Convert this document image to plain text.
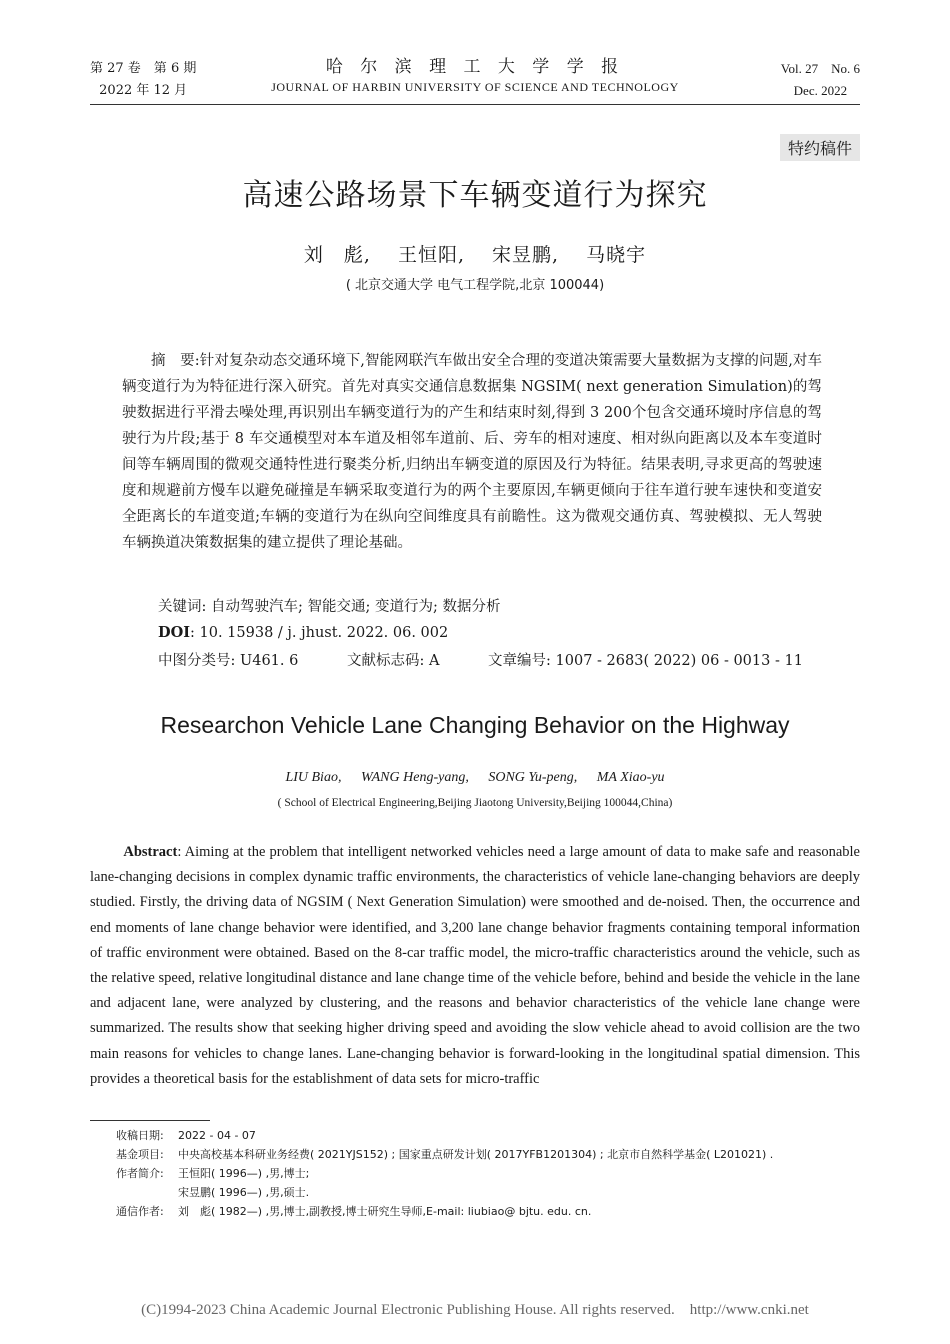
第 27 卷　第 6 期
2022 年 12 月
哈 尔 滨 理 工 大 学 学 报
JOURNAL OF HARBIN UNIVERSITY OF SCIENCE AND TECHNOLOGY
Vol. 27　No. 6
Dec. 2022
特约稿件
高速公路场景下车辆变道行为探究
刘　彪, 王恒阳, 宋昱鹏, 马晓宇
( 北京交通大学 电气工程学院,北京 100044)

摘　要:针对复杂动态交通环境下,智能网联汽车做出安全合理的变道决策需要大量数据为支撑的问题,对车辆变道行为为特征进行深入研究。首先对真实交通信息数据集 NGSIM( next generation Simulation)的驾驶数据进行平滑去噪处理,再识别出车辆变道行为的产生和结束时刻,得到 3 200个包含交通环境时序信息的驾驶行为片段;基于 8 车交通模型对本车道及相邻车道前、后、旁车的相对速度、相对纵向距离以及本车变道时间等车辆周围的微观交通特性进行聚类分析,归纳出车辆变道的原因及行为特征。结果表明,寻求更高的驾驶速度和规避前方慢车以避免碰撞是车辆采取变道行为的两个主要原因,车辆更倾向于往车道行驶车速快和变道安全距离长的车道变道;车辆的变道行为在纵向空间维度具有前瞻性。这为微观交通仿真、驾驶模拟、无人驾驶车辆换道决策数据集的建立提供了理论基础。

关键词: 自动驾驶汽车; 智能交通; 变道行为; 数据分析
DOI: 10. 15938 / j. jhust. 2022. 06. 002
中图分类号: U461. 6	文献标志码: A	文章编号: 1007 - 2683( 2022) 06 - 0013 - 11
Researchon Vehicle Lane Changing Behavior on the Highway
LIU Biao, WANG Heng-yang, SONG Yu-peng, MA Xiao-yu
( School of Electrical Engineering,Beijing Jiaotong University,Beijing 100044,China)

Abstract: Aiming at the problem that intelligent networked vehicles need a large amount of data to make safe and reasonable lane-changing decisions in complex dynamic traffic environments, the characteristics of vehicle lane-changing behaviors are deeply studied. Firstly, the driving data of NGSIM ( Next Generation Simulation) were smoothed and de-noised. Then, the occurrence and end moments of lane change behavior were identified, and 3,200 lane change behavior fragments containing temporal information of traffic environment were obtained. Based on the 8-car traffic model, the micro-traffic characteristics around the vehicle, such as the relative speed, relative longitudinal distance and lane change time of the vehicle before, behind and beside the vehicle in the lane and adjacent lane, were analyzed by clustering, and the reasons and behavior characteristics of the vehicle lane change were summarized. The results show that seeking higher driving speed and avoiding the slow vehicle ahead to avoid collision are the two main reasons for vehicles to change lanes. Lane-changing behavior is forward-looking in the longitudinal spatial dimension. This provides a theoretical basis for the establishment of data sets for micro-traffic

收稿日期: 2022 - 04 - 07
基金项目: 中央高校基本科研业务经费( 2021YJS152) ; 国家重点研发计划( 2017YFB1201304) ; 北京市自然科学基金( L201021) .
作者简介: 王恒阳( 1996—) ,男,博士;
宋昱鹏( 1996—) ,男,硕士.
通信作者: 刘　彪( 1982—) ,男,博士,副教授,博士研究生导师,E-mail: liubiao@ bjtu. edu. cn.
(C)1994-2023 China Academic Journal Electronic Publishing House. All rights reserved.　http://www.cnki.net
